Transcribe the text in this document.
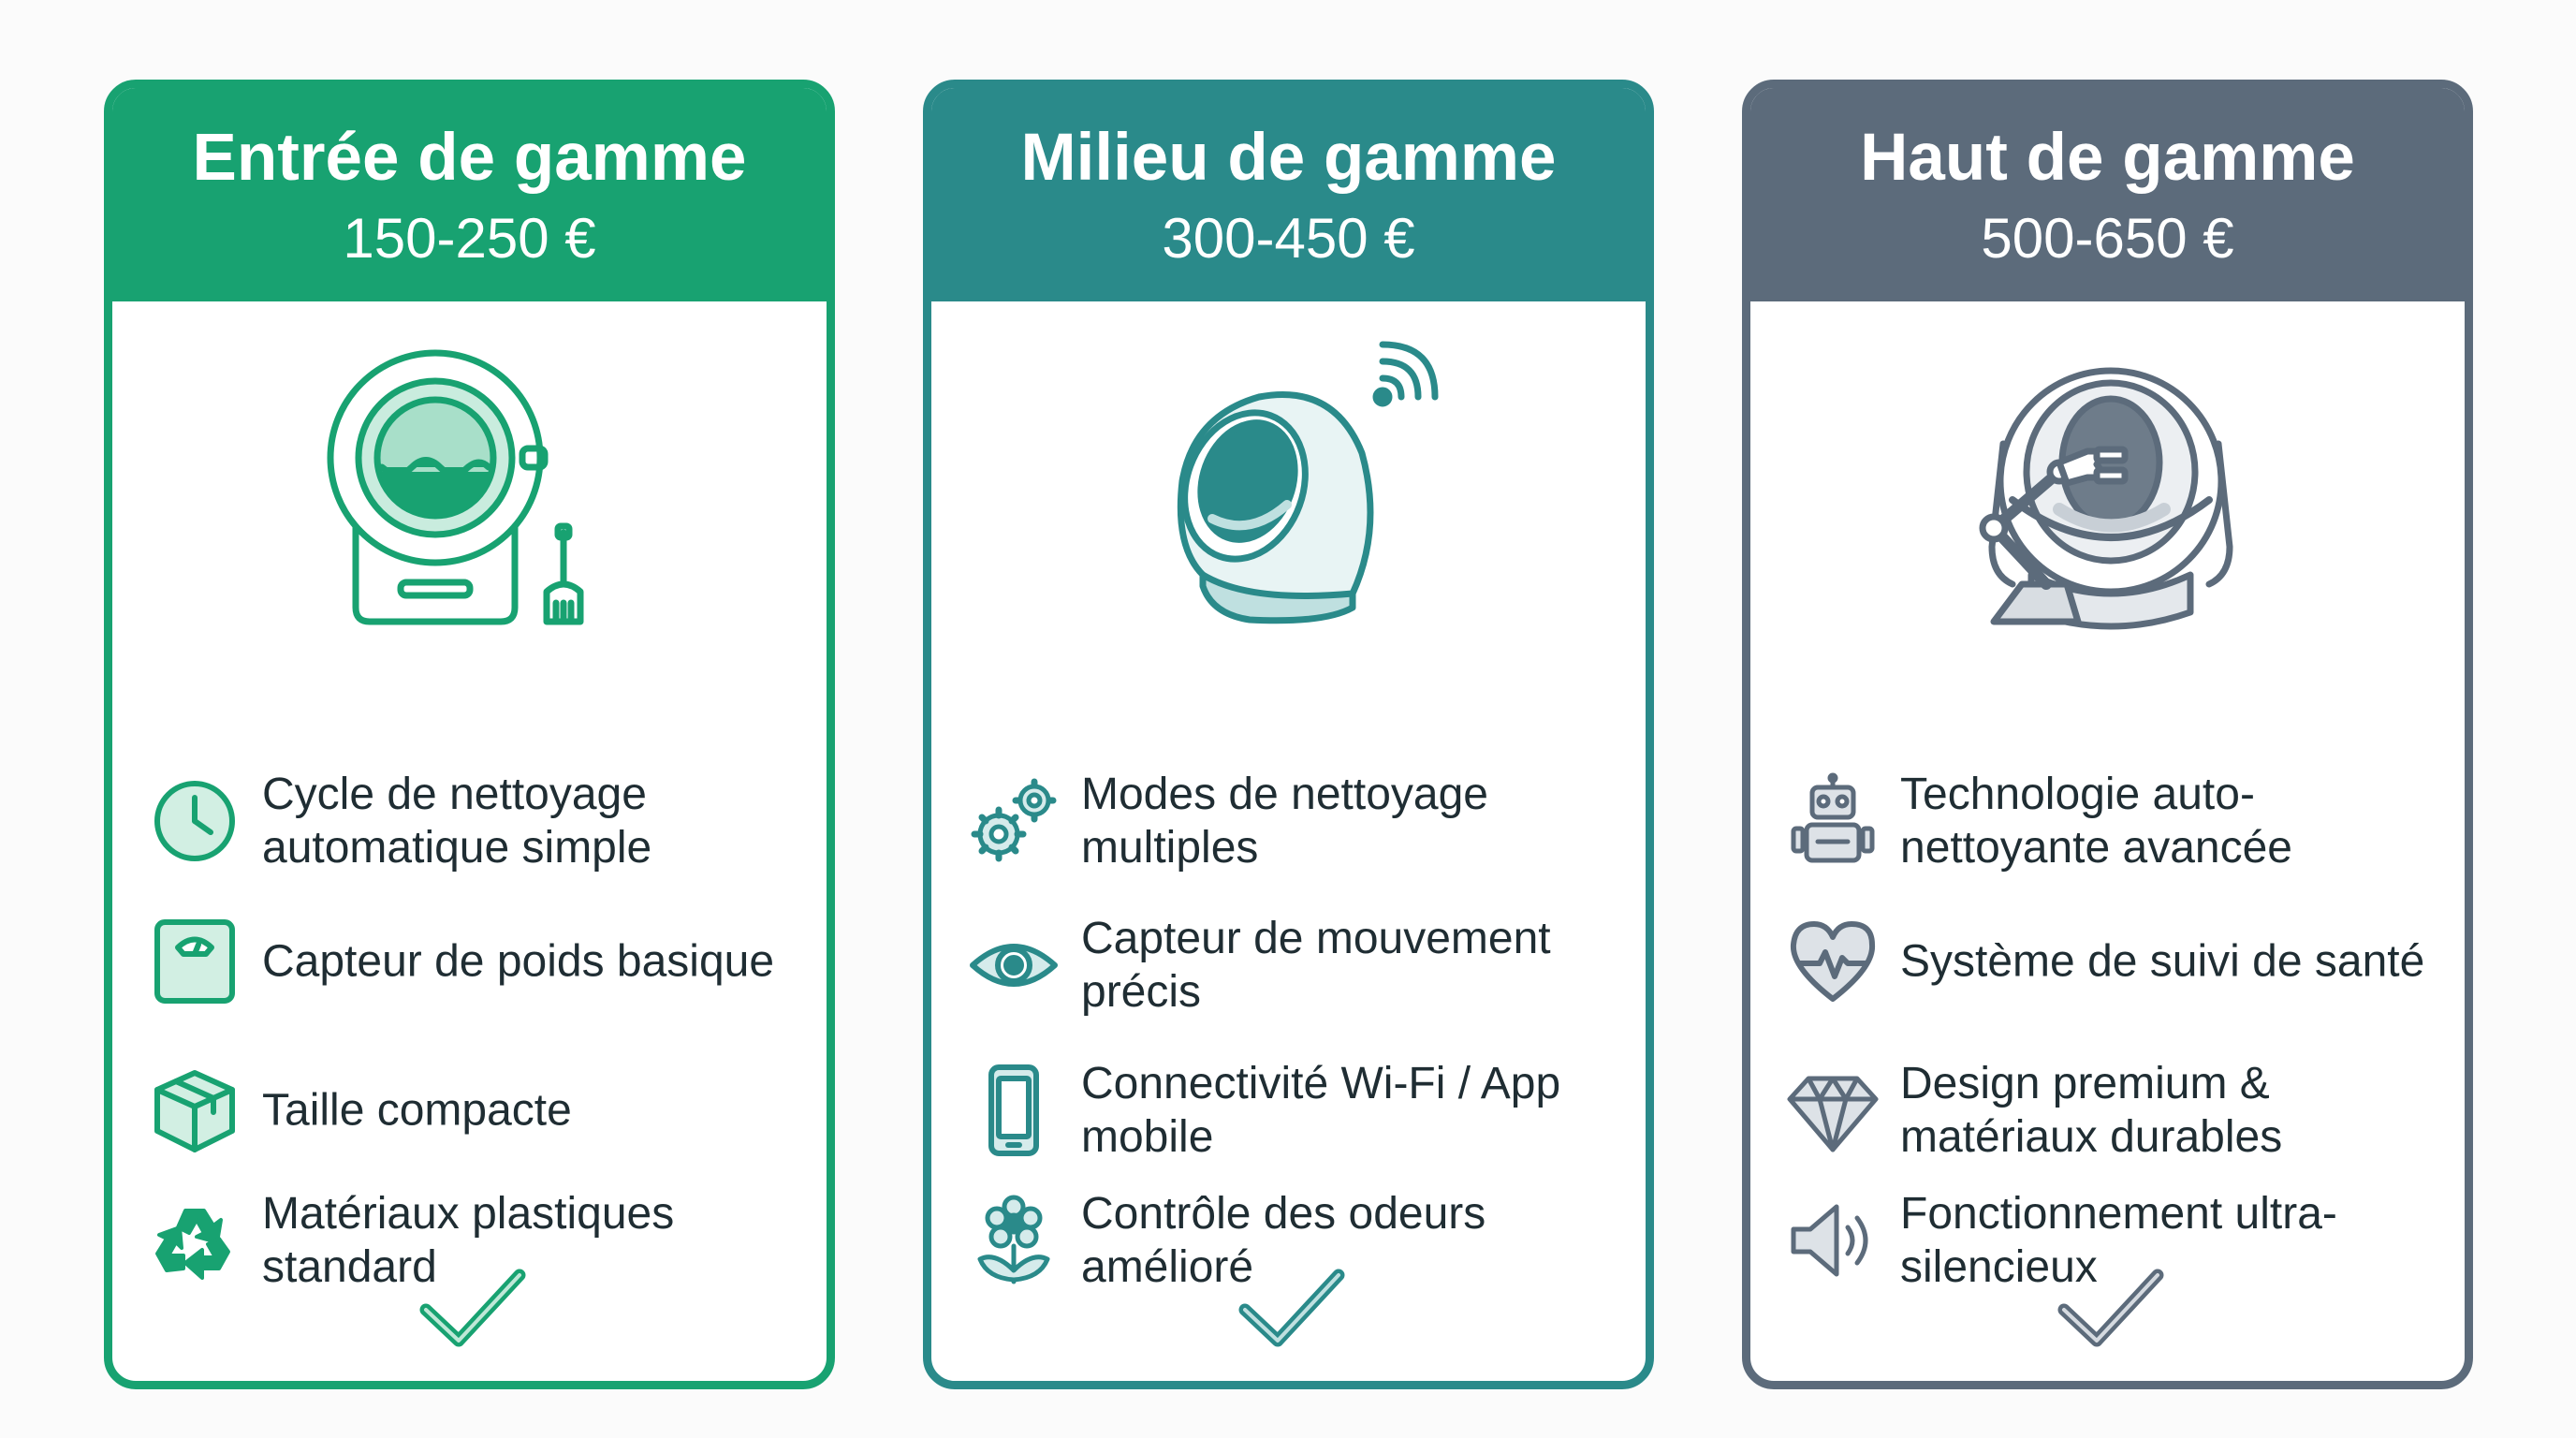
Entrée de gamme
150-250 €
Cycle de nettoyage automatique simple
Capteur de poids basique
Taille compacte
Matériaux plastiques standard
Milieu de gamme
300-450 €
Modes de nettoyage multiples
Capteur de mouvement précis
Connectivité Wi-Fi / App mobile
Contrôle des odeurs amélioré
Haut de gamme
500-650 €
Technologie auto-nettoyante avancée
Système de suivi de santé
Design premium & matériaux durables
Fonctionnement ultra-silencieux
